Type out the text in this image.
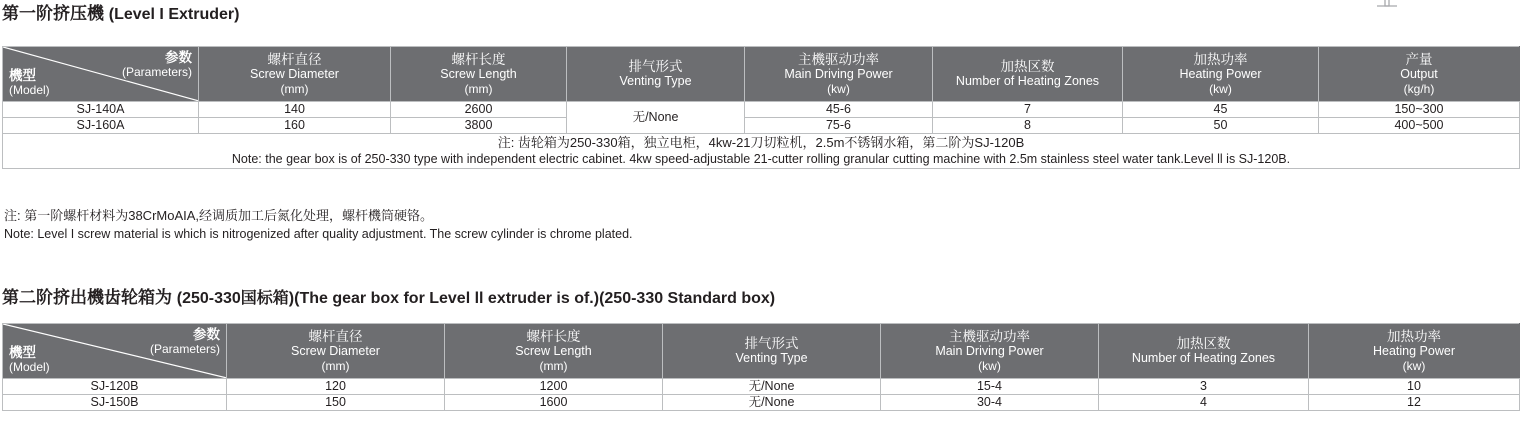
第一阶挤压機 (Level I Extruder)
参数
(Parameters)
機型
(Model)	螺杆直径
Screw Diameter
(mm)	螺杆长度
Screw Length
(mm)	排气形式
Venting Type	主機驱动功率
Main Driving Power
(kw)	加热区数
Number of Heating Zones	加热功率
Heating Power
(kw)	产量
Output
(kg/h)

SJ-140A	140	2600	无/None	45-6	7	45	150~300
SJ-160A	160	3800		75-6	8	50	400~500

注: 齿轮箱为250-330箱，独立电柜，4kw-21刀切粒机，2.5m不锈钢水箱，第二阶为SJ-120B
Note: the gear box is of 250-330 type with independent electric cabinet. 4kw speed-adjustable 21-cutter rolling granular cutting machine with 2.5m stainless steel water tank.Level ll is SJ-120B.							
注: 第一阶螺杆材料为38CrMoAIA,经调质加工后氮化处理，螺杆機筒硬铬。
Note: Level I screw material is which is nitrogenized after quality adjustment. The screw cylinder is chrome plated.
第二阶挤出機齿轮箱为 (250-330国标箱)(The gear box for Level ll extruder is of.)(250-330 Standard box)
参数
(Parameters)
機型
(Model)	螺杆直径
Screw Diameter
(mm)	螺杆长度
Screw Length
(mm)	排气形式
Venting Type	主機驱动功率
Main Driving Power
(kw)	加热区数
Number of Heating Zones	加热功率
Heating Power
(kw)

SJ-120B	120	1200	无/None	15-4	3	10
SJ-150B	150	1600	无/None	30-4	4	12
